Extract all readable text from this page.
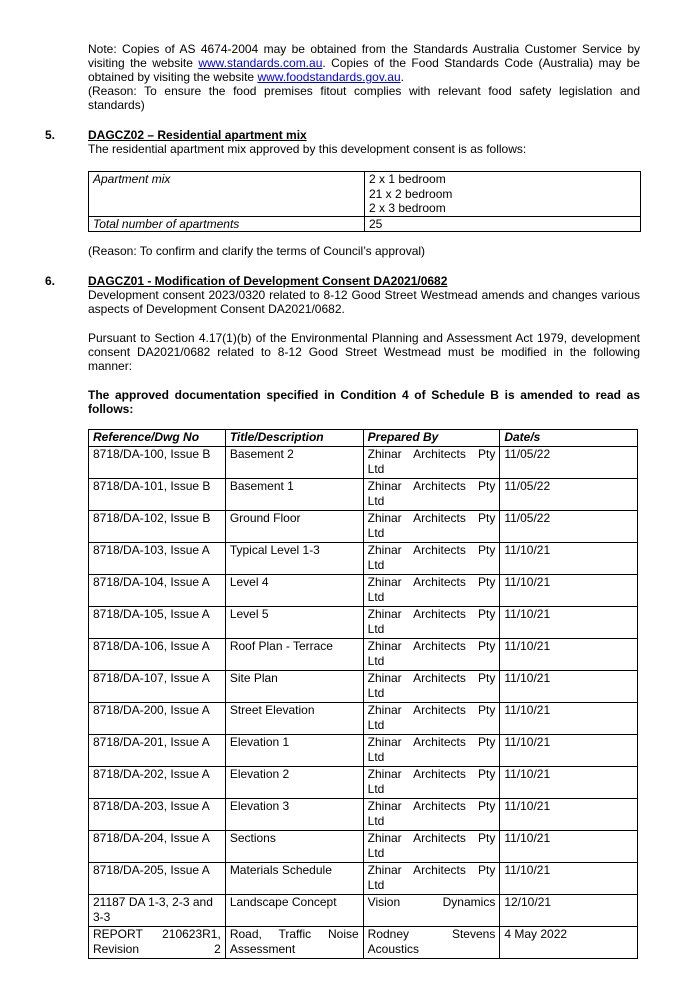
Note: Copies of AS 4674-2004 may be obtained from the Standards Australia Customer Service by visiting the website www.standards.com.au. Copies of the Food Standards Code (Australia) may be obtained by visiting the website www.foodstandards.gov.au.
(Reason: To ensure the food premises fitout complies with relevant food safety legislation and standards)

5.	DAGCZ02 – Residential apartment mix

The residential apartment mix approved by this development consent is as follows:

Apartment mix	2 x 1 bedroom
21 x 2 bedroom
2 x 3 bedroom

Total number of apartments	25

(Reason: To confirm and clarify the terms of Council’s approval)

6.	DAGCZ01 - Modification of Development Consent DA2021/0682

Development consent 2023/0320 related to 8-12 Good Street Westmead amends and changes various aspects of Development Consent DA2021/0682.

Pursuant to Section 4.17(1)(b) of the Environmental Planning and Assessment Act 1979, development consent DA2021/0682 related to 8-12 Good Street Westmead must be modified in the following manner:

The approved documentation specified in Condition 4 of Schedule B is amended to read as follows:

Reference/Dwg No	Title/Description	Prepared By	Date/s
8718/DA-100, Issue B	Basement 2	Zhinar Architects Pty Ltd	11/05/22
8718/DA-101, Issue B	Basement 1	Zhinar Architects Pty Ltd	11/05/22
8718/DA-102, Issue B	Ground Floor	Zhinar Architects Pty Ltd	11/05/22
8718/DA-103, Issue A	Typical Level 1-3	Zhinar Architects Pty Ltd	11/10/21
8718/DA-104, Issue A	Level 4	Zhinar Architects Pty Ltd	11/10/21
8718/DA-105, Issue A	Level 5	Zhinar Architects Pty Ltd	11/10/21
8718/DA-106, Issue A	Roof Plan - Terrace	Zhinar Architects Pty Ltd	11/10/21
8718/DA-107, Issue A	Site Plan	Zhinar Architects Pty Ltd	11/10/21
8718/DA-200, Issue A	Street Elevation	Zhinar Architects Pty Ltd	11/10/21
8718/DA-201, Issue A	Elevation 1	Zhinar Architects Pty Ltd	11/10/21
8718/DA-202, Issue A	Elevation 2	Zhinar Architects Pty Ltd	11/10/21
8718/DA-203, Issue A	Elevation 3	Zhinar Architects Pty Ltd	11/10/21
8718/DA-204, Issue A	Sections	Zhinar Architects Pty Ltd	11/10/21
8718/DA-205, Issue A	Materials Schedule	Zhinar Architects Pty Ltd	11/10/21
21187 DA 1-3, 2-3 and 3-3	Landscape Concept	Vision Dynamics	12/10/21
REPORT 210623R1, Revision 2	Road, Traffic Noise Assessment	Rodney Stevens Acoustics	4 May 2022
